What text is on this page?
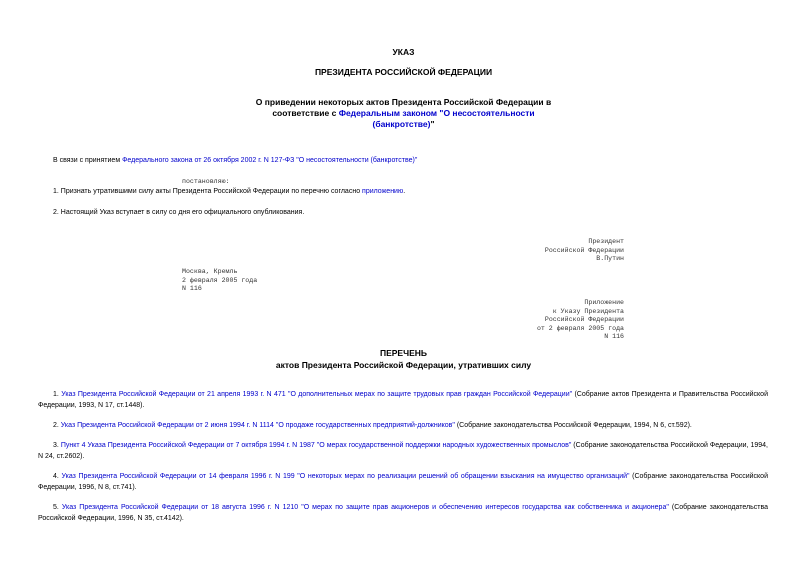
УКАЗ
ПРЕЗИДЕНТА РОССИЙСКОЙ ФЕДЕРАЦИИ
О приведении некоторых актов Президента Российской Федерации в
соответствие с Федеральным законом "О несостоятельности
(банкротстве)"
В связи с принятием Федерального закона от 26 октября 2002 г. N 127-ФЗ "О несостоятельности (банкротстве)"
постановляю:
1. Признать утратившими силу акты Президента Российской Федерации по перечню согласно приложению.
2. Настоящий Указ вступает в силу со дня его официального опубликования.
Президент
Российской Федерации
В.Путин
Москва, Кремль
2 февраля 2005 года
N 116
Приложение
к Указу Президента
Российской Федерации
от 2 февраля 2005 года
N 116
ПЕРЕЧЕНЬ
актов Президента Российской Федерации, утративших силу
1. Указ Президента Российской Федерации от 21 апреля 1993 г. N 471 "О дополнительных мерах по защите трудовых прав граждан Российской Федерации" (Собрание актов Президента и Правительства Российской Федерации, 1993, N 17, ст.1448).
2. Указ Президента Российской Федерации от 2 июня 1994 г. N 1114 "О продаже государственных предприятий-должников" (Собрание законодательства Российской Федерации, 1994, N 6, ст.592).
3. Пункт 4 Указа Президента Российской Федерации от 7 октября 1994 г. N 1987 "О мерах государственной поддержки народных художественных промыслов" (Собрание законодательства Российской Федерации, 1994, N 24, ст.2602).
4. Указ Президента Российской Федерации от 14 февраля 1996 г. N 199 "О некоторых мерах по реализации решений об обращении взыскания на имущество организаций" (Собрание законодательства Российской Федерации, 1996, N 8, ст.741).
5. Указ Президента Российской Федерации от 18 августа 1996 г. N 1210 "О мерах по защите прав акционеров и обеспечению интересов государства как собственника и акционера" (Собрание законодательства Российской Федерации, 1996, N 35, ст.4142).
